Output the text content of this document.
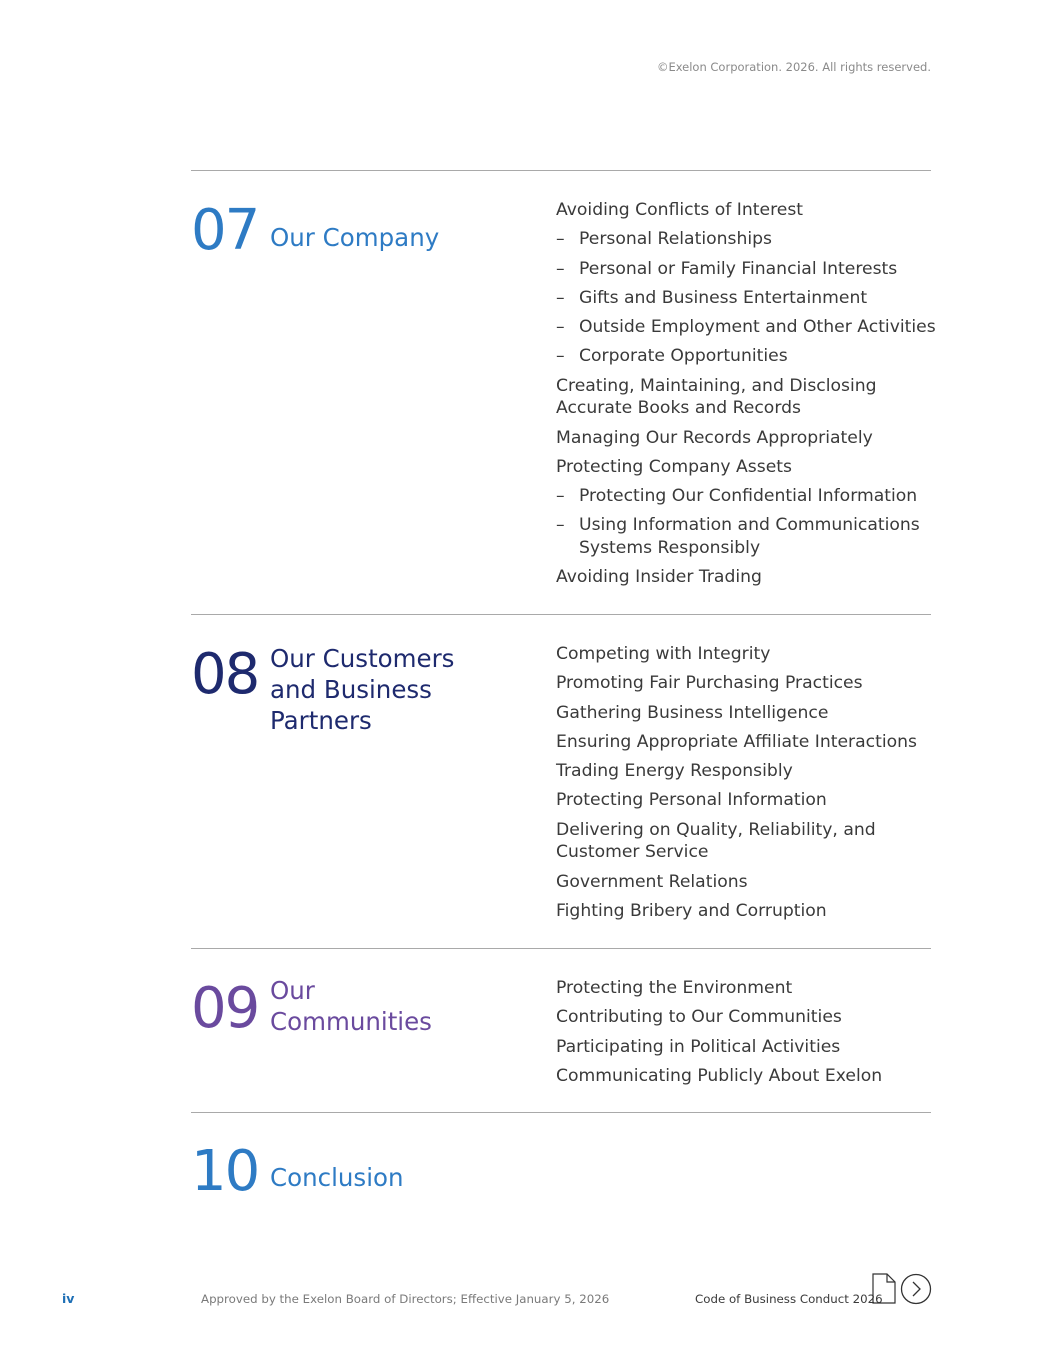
©Exelon Corporation. 2026. All rights reserved.
07 Our Company
Avoiding Conflicts of Interest
– Personal Relationships
– Personal or Family Financial Interests
– Gifts and Business Entertainment
– Outside Employment and Other Activities
– Corporate Opportunities
Creating, Maintaining, and Disclosing Accurate Books and Records
Managing Our Records Appropriately
Protecting Company Assets
– Protecting Our Confidential Information
– Using Information and Communications Systems Responsibly
Avoiding Insider Trading
08 Our Customers and Business Partners
Competing with Integrity
Promoting Fair Purchasing Practices
Gathering Business Intelligence
Ensuring Appropriate Affiliate Interactions
Trading Energy Responsibly
Protecting Personal Information
Delivering on Quality, Reliability, and Customer Service
Government Relations
Fighting Bribery and Corruption
09 Our Communities
Protecting the Environment
Contributing to Our Communities
Participating in Political Activities
Communicating Publicly About Exelon
10 Conclusion
iv	Approved by the Exelon Board of Directors; Effective January 5, 2026	Code of Business Conduct 2026
